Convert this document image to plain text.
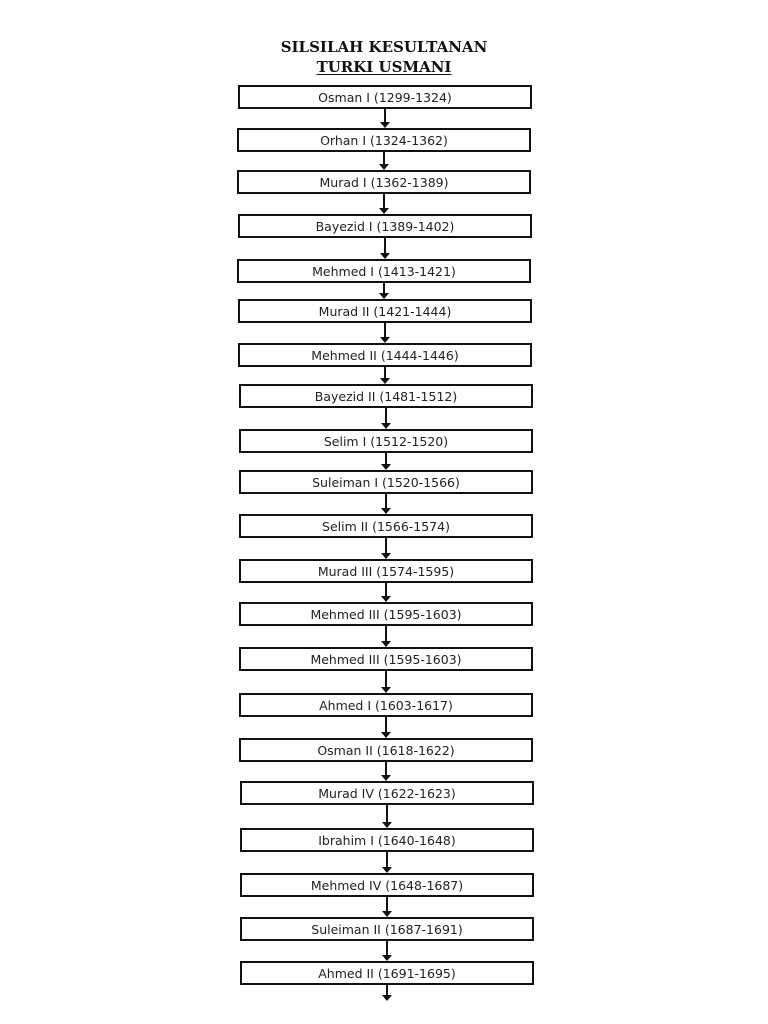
SILSILAH KESULTANAN
TURKI USMANI
Osman I (1299-1324)
Orhan I (1324-1362)
Murad I (1362-1389)
Bayezid I (1389-1402)
Mehmed I (1413-1421)
Murad II (1421-1444)
Mehmed II (1444-1446)
Bayezid II (1481-1512)
Selim I (1512-1520)
Suleiman I (1520-1566)
Selim II (1566-1574)
Murad III (1574-1595)
Mehmed III (1595-1603)
Mehmed III (1595-1603)
Ahmed I (1603-1617)
Osman II (1618-1622)
Murad IV (1622-1623)
Ibrahim I (1640-1648)
Mehmed IV (1648-1687)
Suleiman II (1687-1691)
Ahmed II (1691-1695)
